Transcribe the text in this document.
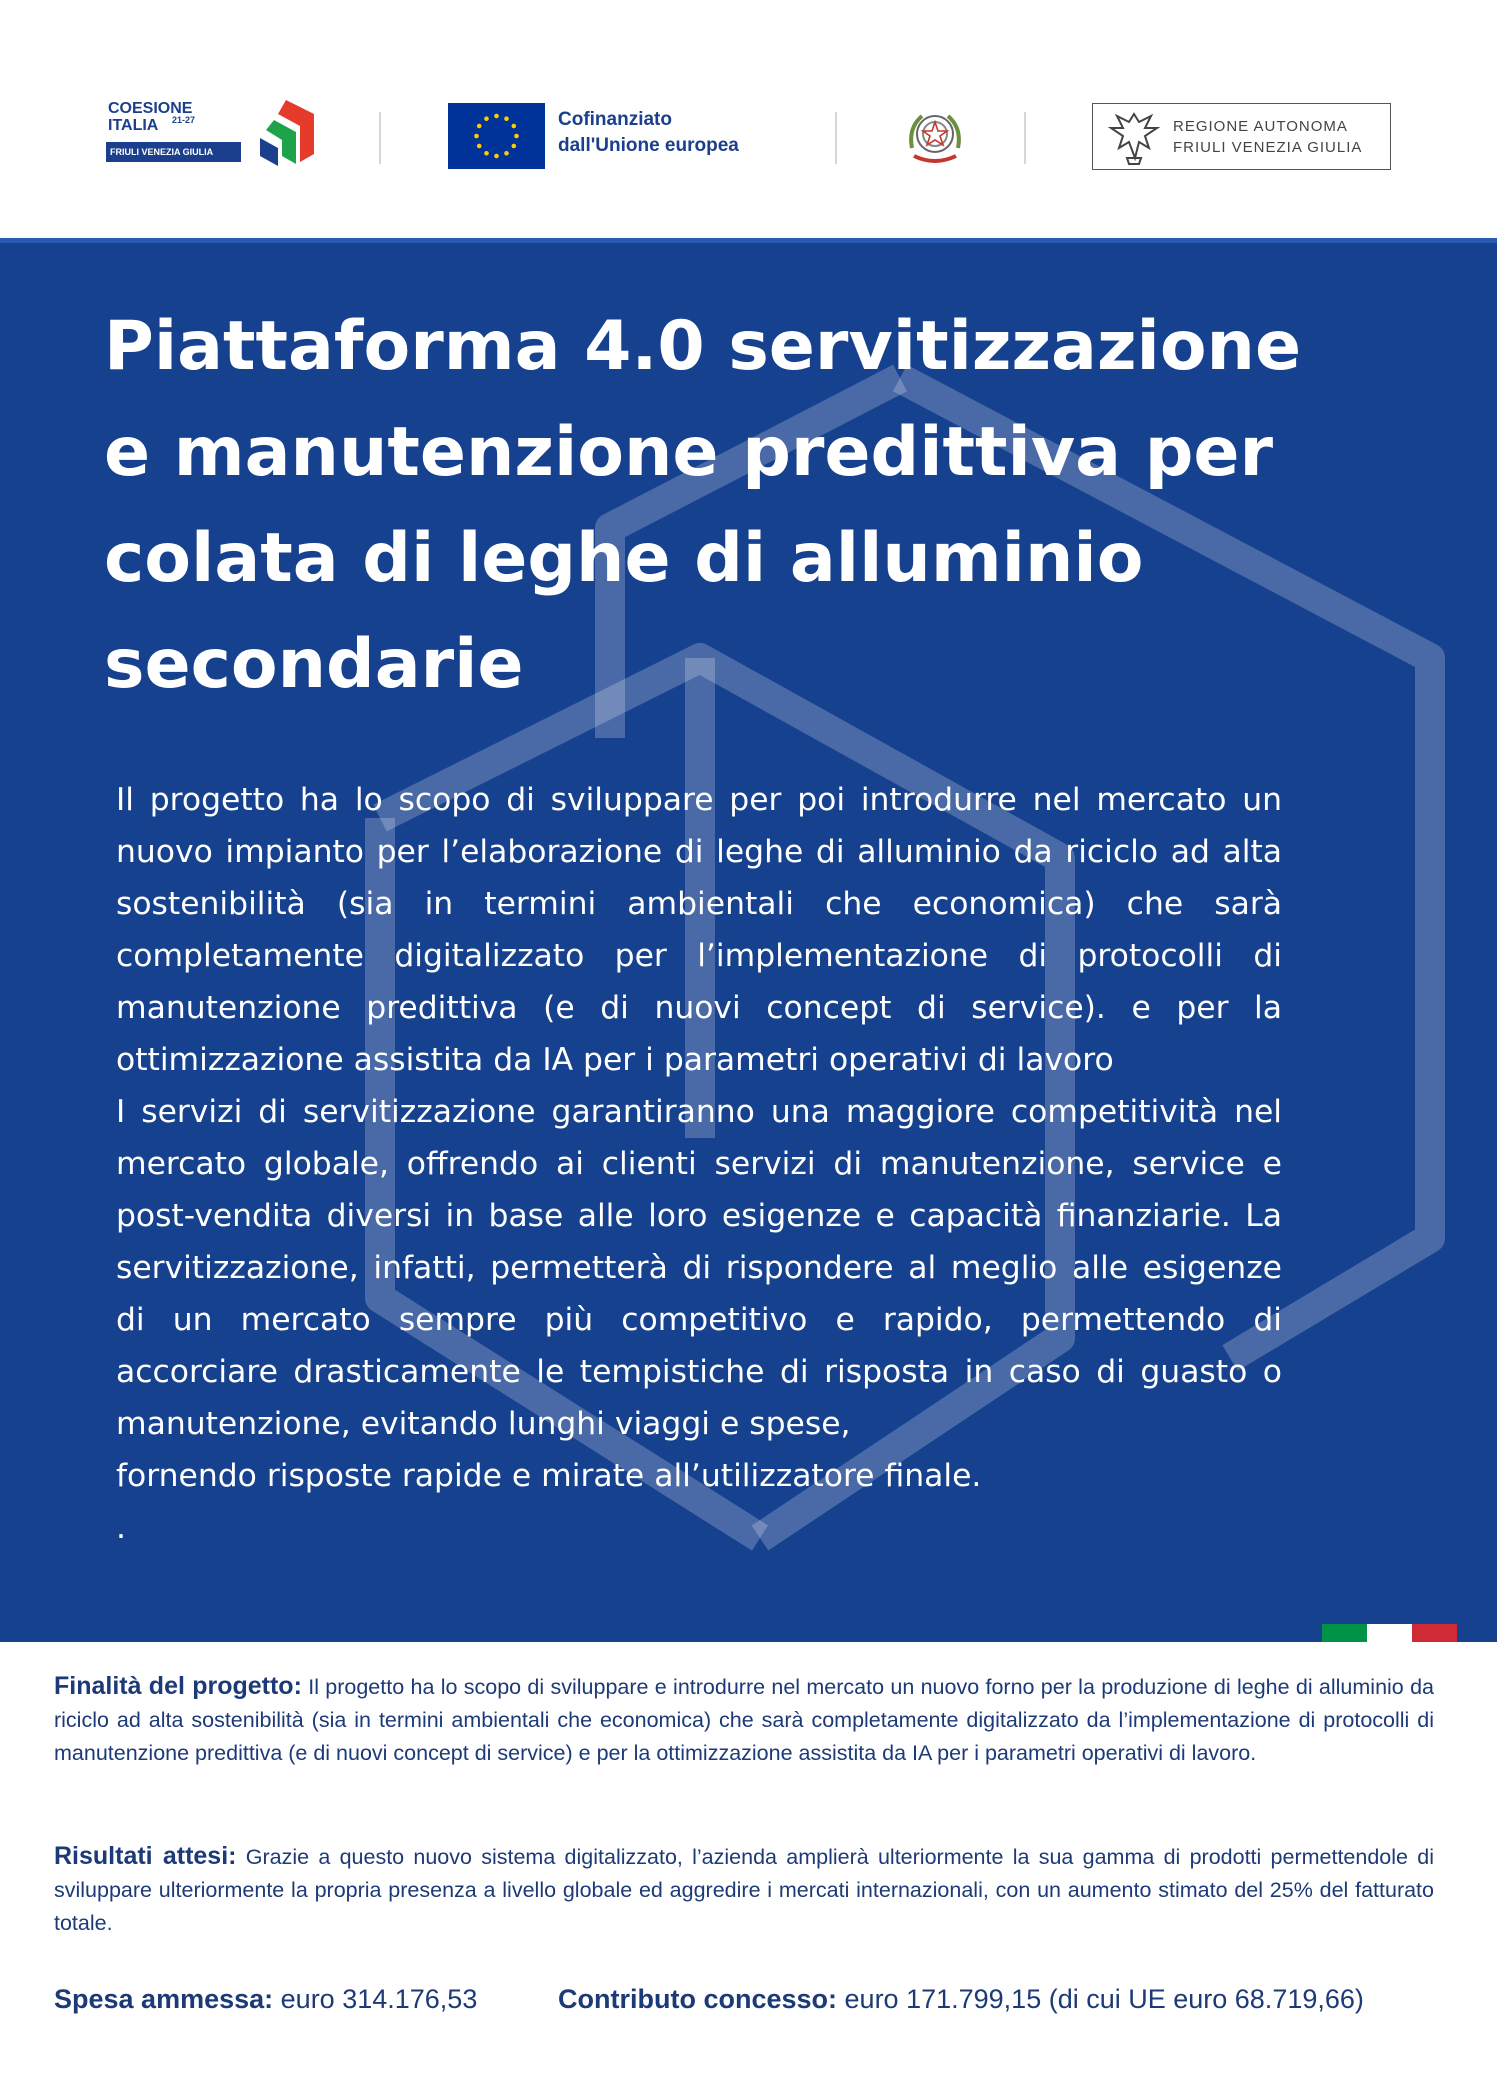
COESIONE
ITALIA 21-27
FRIULI VENEZIA GIULIA
Cofinanziato
dall'Unione europea
REGIONE AUTONOMA
FRIULI VENEZIA GIULIA
Piattaforma 4.0 servitizzazione e manutenzione predittiva per colata di leghe di alluminio secondarie

Il progetto ha lo scopo di sviluppare per poi introdurre nel mercato un nuovo impianto per l’elaborazione di leghe di alluminio da riciclo ad alta sostenibilità (sia in termini ambientali che economica) che sarà completamente digitalizzato per l’implementazione di protocolli di manutenzione predittiva (e di nuovi concept di service). e per la ottimizzazione assistita da IA per i parametri operativi di lavoro

I servizi di servitizzazione garantiranno una maggiore competitività nel mercato globale, offrendo ai clienti servizi di manutenzione, service e post-vendita diversi in base alle loro esigenze e capacità finanziarie. La servitizzazione, infatti, permetterà di rispondere al meglio alle esigenze di un mercato sempre più competitivo e rapido, permettendo di accorciare drasticamente le tempistiche di risposta in caso di guasto o manutenzione, evitando lunghi viaggi e spese,

fornendo risposte rapide e mirate all’utilizzatore finale.

.

Finalità del progetto: Il progetto ha lo scopo di sviluppare e introdurre nel mercato un nuovo forno per la produzione di leghe di alluminio da riciclo ad alta sostenibilità (sia in termini ambientali che economica) che sarà completamente digitalizzato da l’implementazione di protocolli di manutenzione predittiva (e di nuovi concept di service) e per la ottimizzazione assistita da IA per i parametri operativi di lavoro.
Risultati attesi: Grazie a questo nuovo sistema digitalizzato, l’azienda amplierà ulteriormente la sua gamma di prodotti permettendole di sviluppare ulteriormente la propria presenza a livello globale ed aggredire i mercati internazionali, con un aumento stimato del 25% del fatturato totale.
Spesa ammessa: euro 314.176,53	Contributo concesso: euro 171.799,15 (di cui UE euro 68.719,66)
